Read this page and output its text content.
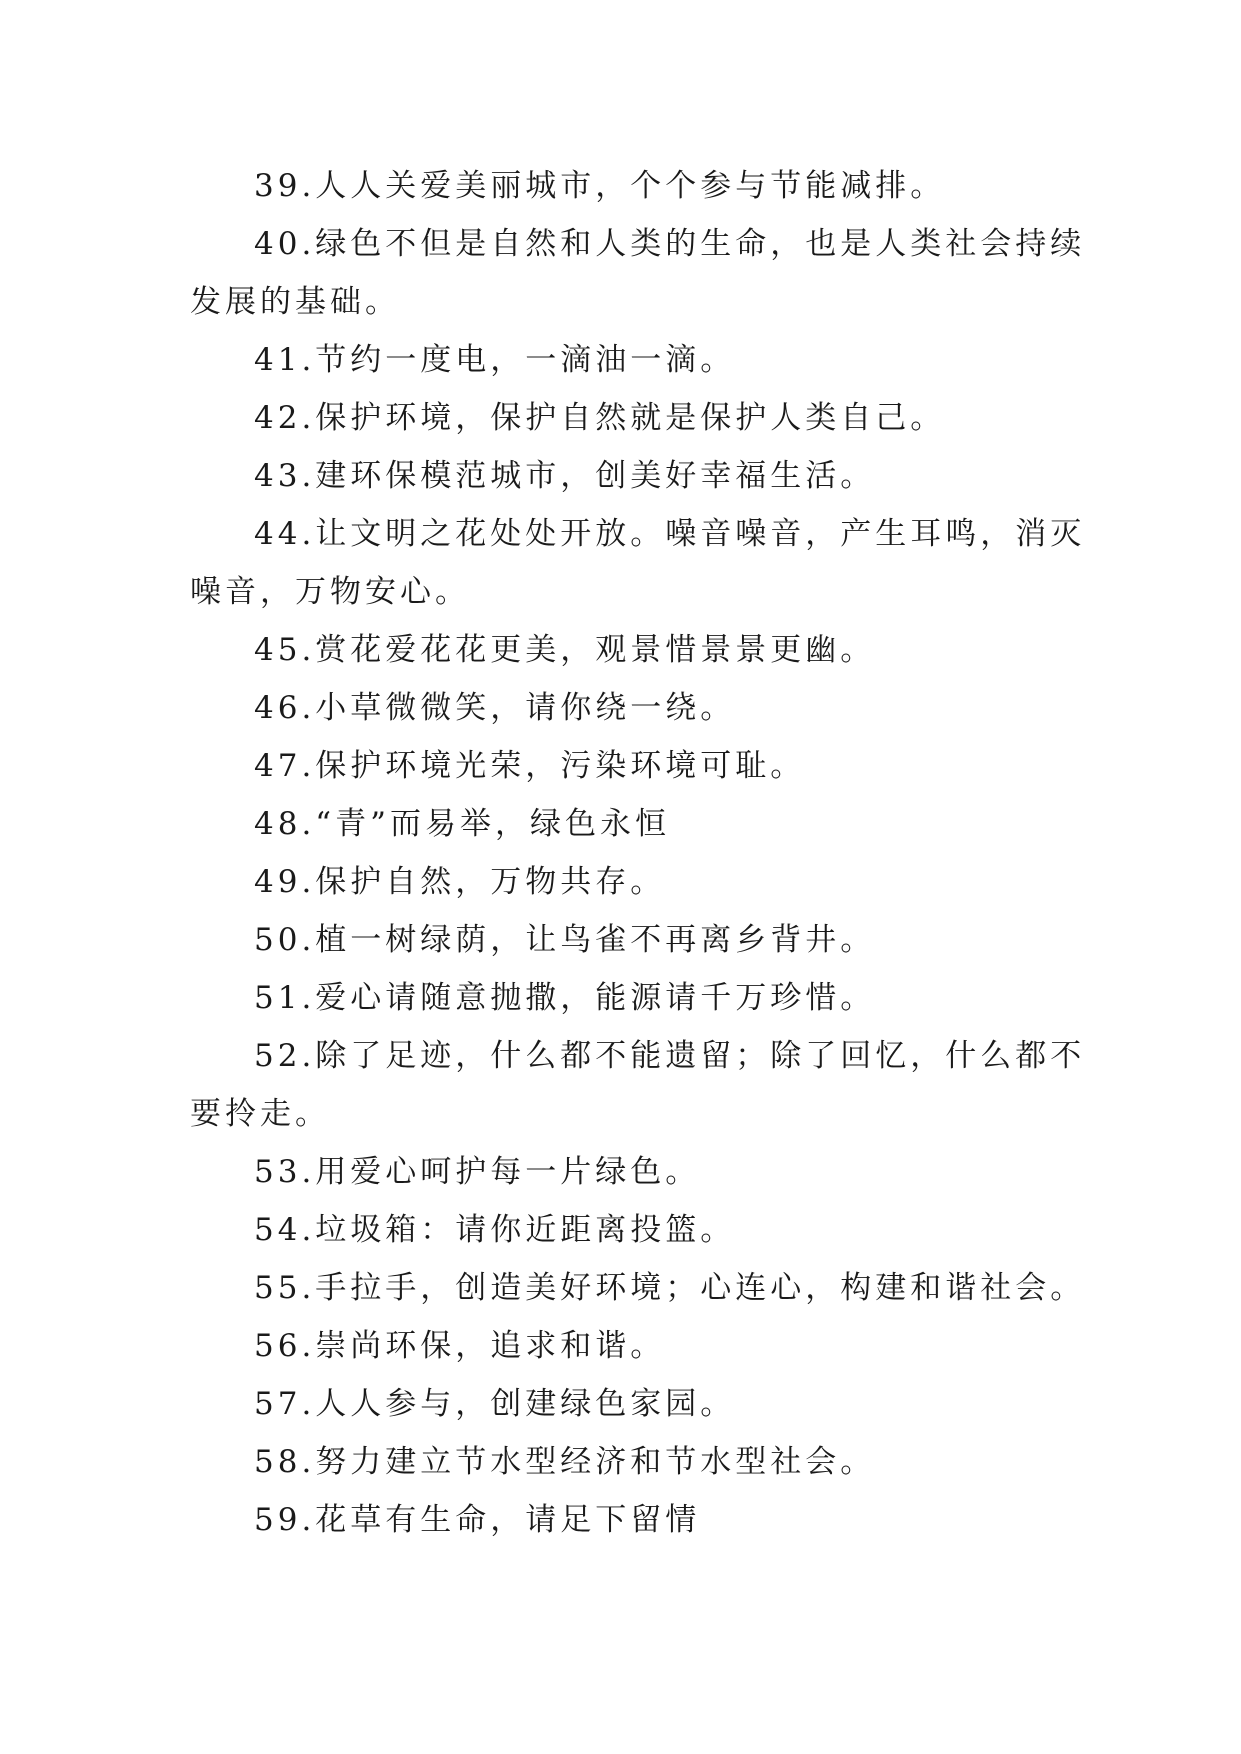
39.人人关爱美丽城市，个个参与节能减排。
40.绿色不但是自然和人类的生命，也是人类社会持续
发展的基础。
41.节约一度电，一滴油一滴。
42.保护环境，保护自然就是保护人类自己。
43.建环保模范城市，创美好幸福生活。
44.让文明之花处处开放。噪音噪音，产生耳鸣，消灭
噪音，万物安心。
45.赏花爱花花更美，观景惜景景更幽。
46.小草微微笑，请你绕一绕。
47.保护环境光荣，污染环境可耻。
48.“青”而易举，绿色永恒
49.保护自然，万物共存。
50.植一树绿荫，让鸟雀不再离乡背井。
51.爱心请随意抛撒，能源请千万珍惜。
52.除了足迹，什么都不能遗留；除了回忆，什么都不
要拎走。
53.用爱心呵护每一片绿色。
54.垃圾箱：请你近距离投篮。
55.手拉手，创造美好环境；心连心，构建和谐社会。
56.崇尚环保，追求和谐。
57.人人参与，创建绿色家园。
58.努力建立节水型经济和节水型社会。
59.花草有生命，请足下留情
